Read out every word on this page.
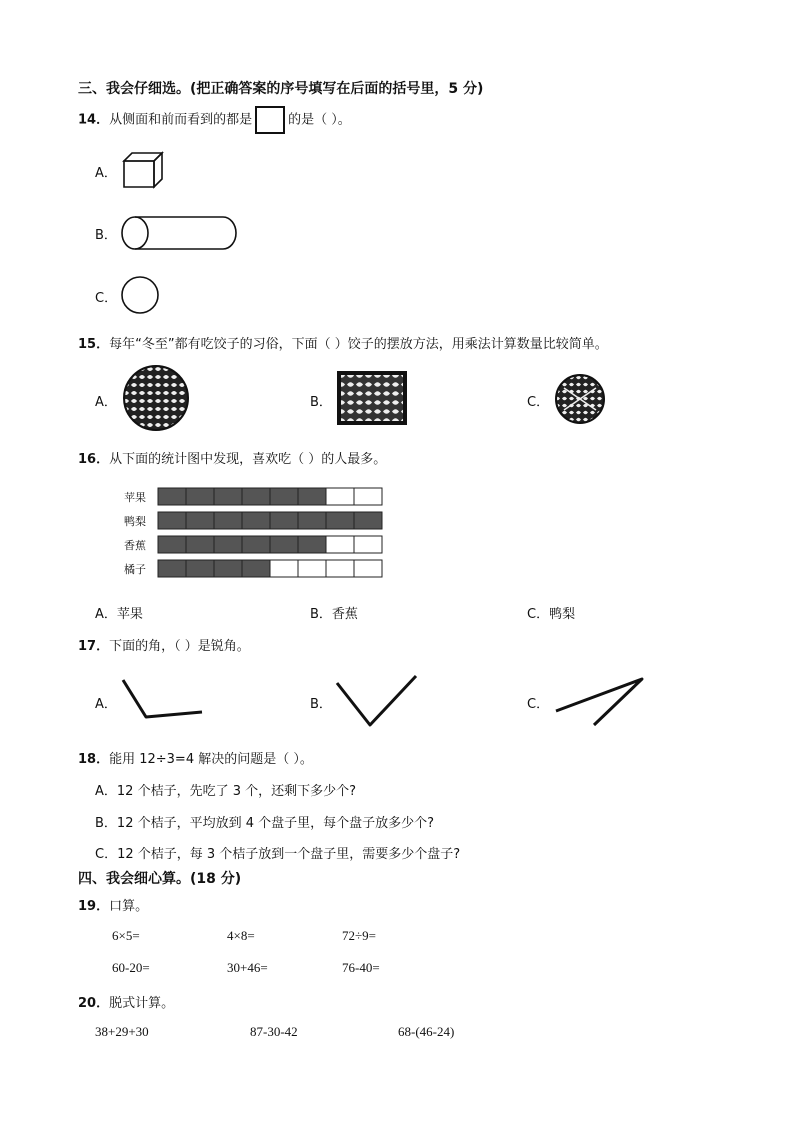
三、我会仔细选。(把正确答案的序号填写在后面的括号里，5 分)
14．从侧面和前而看到的都是	的是（ ）。
A．
B．
C．
15．每年“冬至”都有吃饺子的习俗，下面（ ）饺子的摆放方法，用乘法计算数量比较简单。
A．	B．	C．
16．从下面的统计图中发现，喜欢吃（ ）的人最多。
苹果
鸭梨
香蕉
橘子
A．苹果	B．香蕉	C．鸭梨
17．下面的角，（ ）是锐角。
A．	B．	C．
18．能用 12÷3=4 解决的问题是（ ）。
A．12 个桔子，先吃了 3 个，还剩下多少个?
B．12 个桔子，平均放到 4 个盘子里，每个盘子放多少个?
C．12 个桔子，每 3 个桔子放到一个盘子里，需要多少个盘子?
四、我会细心算。(18 分)
19．口算。
6×5=	4×8=	72÷9=
60-20=	30+46=	76-40=
20．脱式计算。
38+29+30	87-30-42	68-(46-24)
